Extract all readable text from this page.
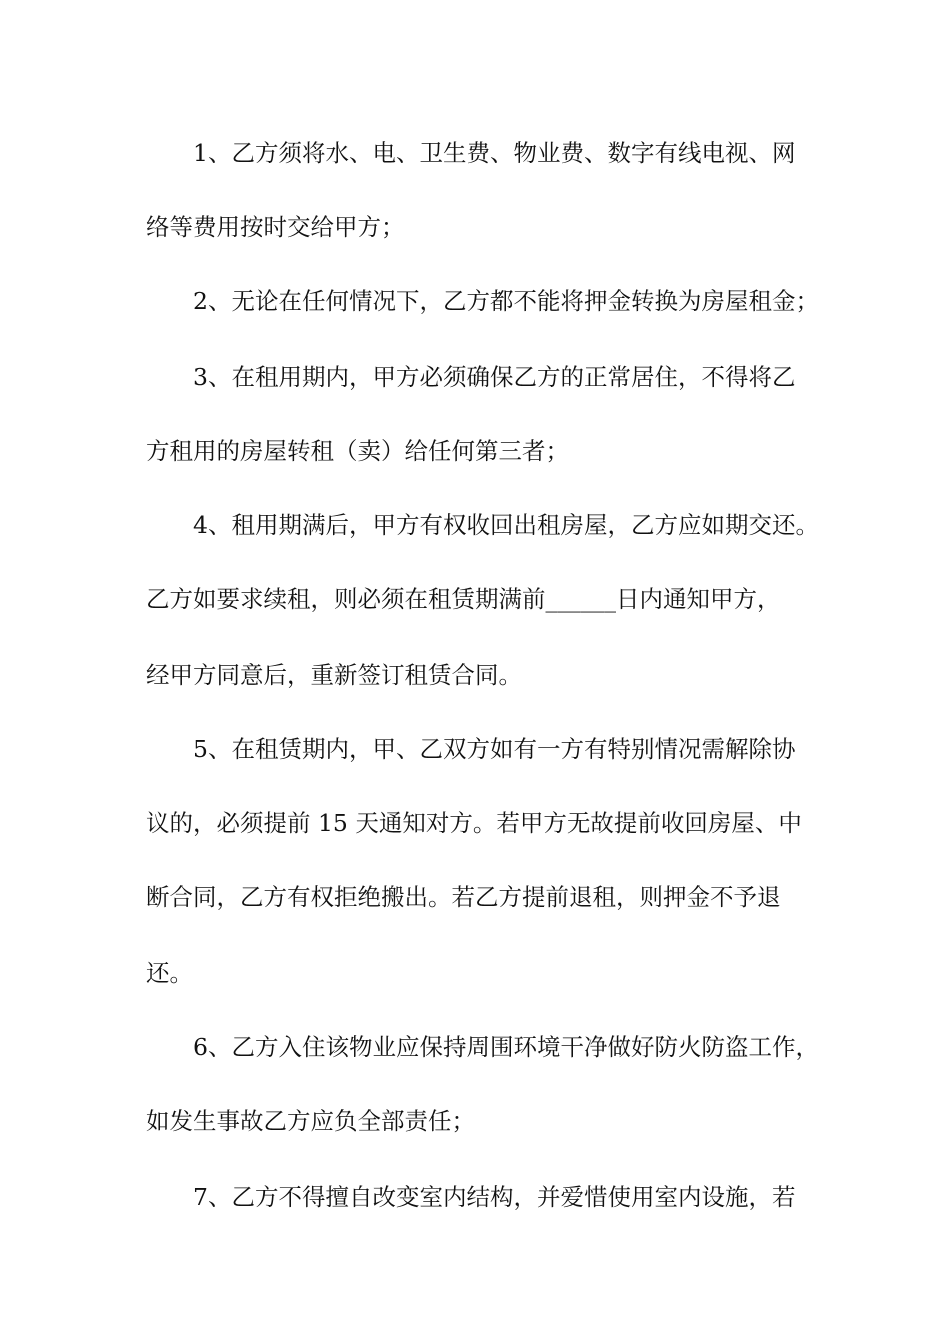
1、乙方须将水、电、卫生费、物业费、数字有线电视、网

络等费用按时交给甲方；

2、无论在任何情况下，乙方都不能将押金转换为房屋租金；

3、在租用期内，甲方必须确保乙方的正常居住，不得将乙

方租用的房屋转租（卖）给任何第三者；

4、租用期满后，甲方有权收回出租房屋，乙方应如期交还。

乙方如要求续租，则必须在租赁期满前______日内通知甲方，

经甲方同意后，重新签订租赁合同。

5、在租赁期内，甲、乙双方如有一方有特别情况需解除协

议的，必须提前 15 天通知对方。若甲方无故提前收回房屋、中

断合同，乙方有权拒绝搬出。若乙方提前退租，则押金不予退

还。

6、乙方入住该物业应保持周围环境干净做好防火防盗工作，

如发生事故乙方应负全部责任；

7、乙方不得擅自改变室内结构，并爱惜使用室内设施，若
